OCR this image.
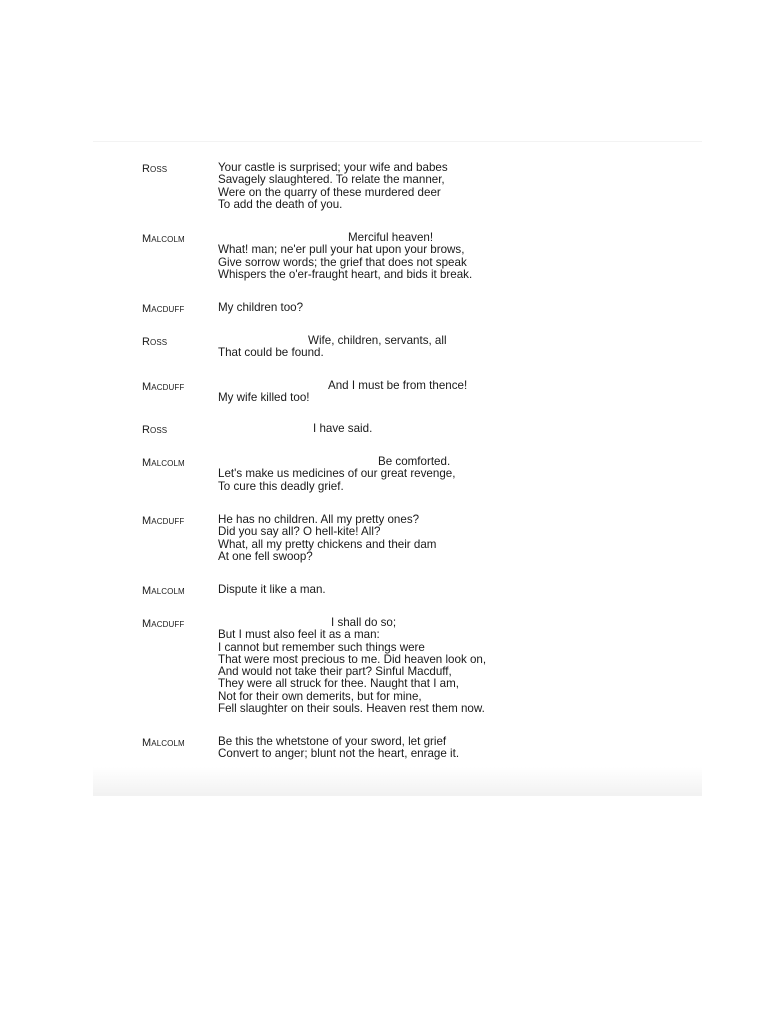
Ross	Your castle is surprised; your wife and babes
Savagely slaughtered. To relate the manner,
Were on the quarry of these murdered deer
To add the death of you.
Malcolm	Merciful heaven!
What! man; ne'er pull your hat upon your brows,
Give sorrow words; the grief that does not speak
Whispers the o'er-fraught heart, and bids it break.
Macduff	My children too?
Ross	Wife, children, servants, all
That could be found.
Macduff	And I must be from thence!
My wife killed too!
Ross	I have said.
Malcolm	Be comforted.
Let's make us medicines of our great revenge,
To cure this deadly grief.
Macduff	He has no children. All my pretty ones?
Did you say all? O hell-kite! All?
What, all my pretty chickens and their dam
At one fell swoop?
Malcolm	Dispute it like a man.
Macduff	I shall do so;
But I must also feel it as a man:
I cannot but remember such things were
That were most precious to me. Did heaven look on,
And would not take their part? Sinful Macduff,
They were all struck for thee. Naught that I am,
Not for their own demerits, but for mine,
Fell slaughter on their souls. Heaven rest them now.
Malcolm	Be this the whetstone of your sword, let grief
Convert to anger; blunt not the heart, enrage it.
